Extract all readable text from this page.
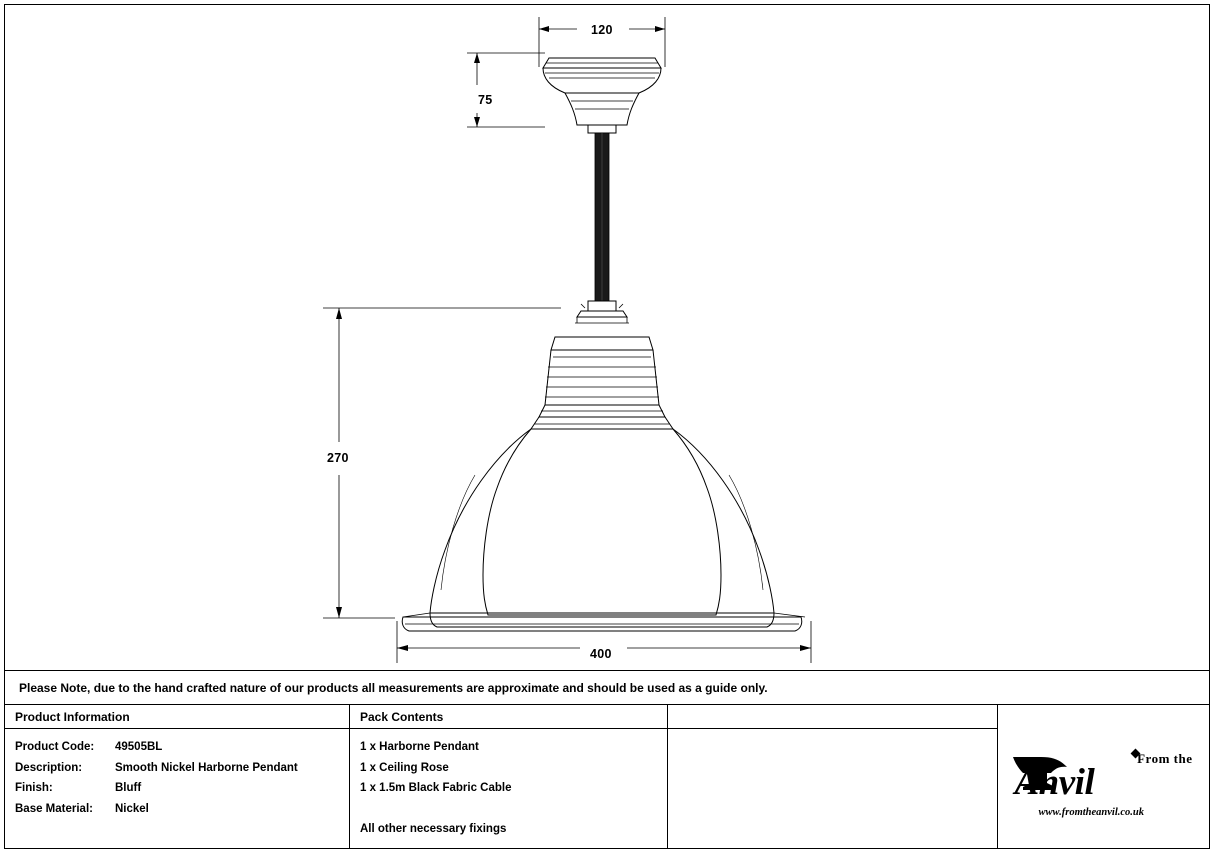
120
75
270
400
Please Note, due to the hand crafted nature of our products all measurements are approximate and should be used as a guide only.
Product Information
Product Code:	49505BL
Description:	Smooth Nickel Harborne Pendant
Finish:	Bluff
Base Material:	Nickel
Pack Contents
1 x Harborne Pendant
1 x Ceiling Rose
1 x 1.5m Black Fabric Cable
All other necessary fixings
From the
Anvil
www.fromtheanvil.co.uk
